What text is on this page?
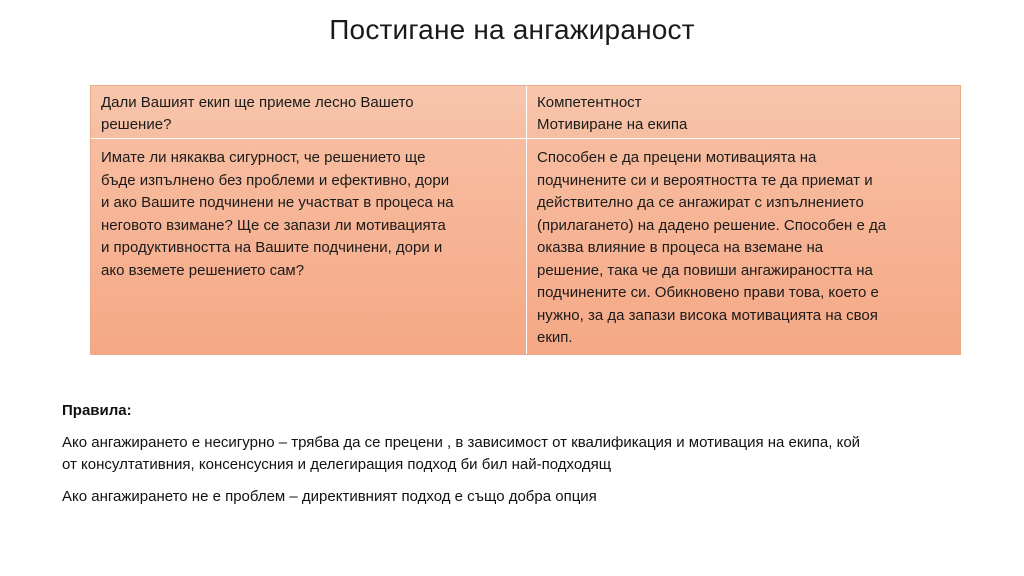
Постигане на ангажираност
Дали Вашият екип ще приеме лесно Вашето
решение?
Компетентност
Мотивиране на екипа
Имате ли някаква сигурност, че решението ще
бъде изпълнено без проблеми и ефективно, дори
и ако Вашите подчинени не участват в процеса на
неговото взимане? Ще се запази ли мотивацията
и продуктивността на Вашите подчинени, дори и
ако вземете решението сам?
Способен е да прецени мотивацията на
подчинените си и вероятността те да приемат и
действително да се ангажират с изпълнението
(прилагането) на дадено решение. Способен е да
оказва влияние в процеса на вземане на
решение, така че да повиши ангажираността на
подчинените си. Обикновено прави това, което е
нужно, за да запази висока мотивацията на своя
екип.

Правила:

Ако ангажирането е несигурно – трябва да се прецени , в зависимост от квалификация и мотивация на екипа, кой
от консултативния, консенсусния и делегиращия подход би бил най-подходящ

Ако ангажирането не е проблем – директивният подход е също добра опция
